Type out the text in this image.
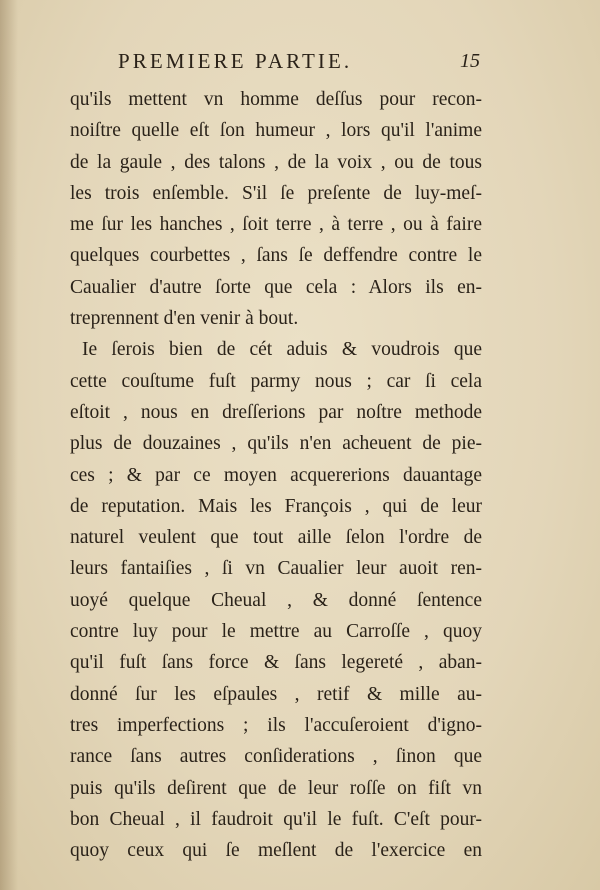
PREMIERE PARTIE.	15
qu'ils mettent vn homme deſſus pour recon-
noiſtre quelle eſt ſon humeur , lors qu'il l'anime
de la gaule , des talons , de la voix , ou de tous
les trois enſemble. S'il ſe preſente de luy-meſ-
me ſur les hanches , ſoit terre , à terre , ou à faire
quelques courbettes , ſans ſe deffendre contre le
Caualier d'autre ſorte que cela : Alors ils en-
treprennent d'en venir à bout.
Ie ſerois bien de cét aduis & voudrois que
cette couſtume fuſt parmy nous ; car ſi cela
eſtoit , nous en dreſſerions par noſtre methode
plus de douzaines , qu'ils n'en acheuent de pie-
ces ; & par ce moyen acquererions dauantage
de reputation. Mais les François , qui de leur
naturel veulent que tout aille ſelon l'ordre de
leurs fantaiſies , ſi vn Caualier leur auoit ren-
uoyé quelque Cheual , & donné ſentence
contre luy pour le mettre au Carroſſe , quoy
qu'il fuſt ſans force & ſans legereté , aban-
donné ſur les eſpaules , retif & mille au-
tres imperfections ; ils l'accuſeroient d'igno-
rance ſans autres conſiderations , ſinon que
puis qu'ils deſirent que de leur roſſe on fiſt vn
bon Cheual , il faudroit qu'il le fuſt. C'eſt pour-
quoy ceux qui ſe meſlent de l'exercice en
